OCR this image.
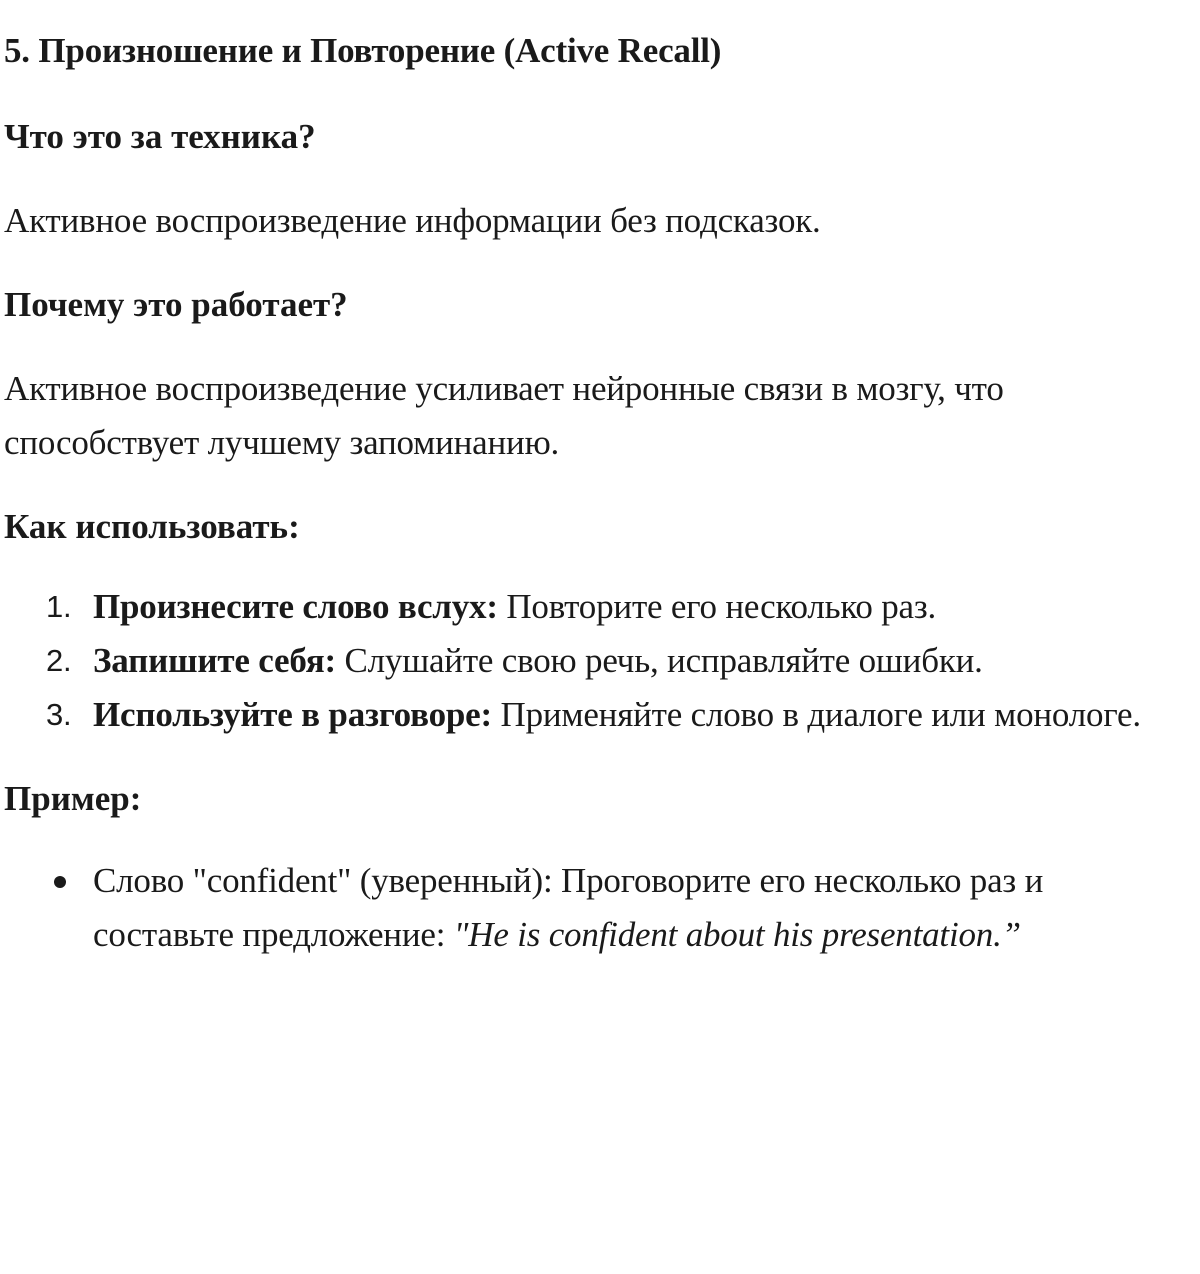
5. Произношение и Повторение (Active Recall)
Что это за техника?
Активное воспроизведение информации без подсказок.
Почему это работает?
Активное воспроизведение усиливает нейронные связи в мозгу, что способствует лучшему запоминанию.
Как использовать:
1. Произнесите слово вслух: Повторите его несколько раз.
2. Запишите себя: Слушайте свою речь, исправляйте ошибки.
3. Используйте в разговоре: Применяйте слово в диалоге или монологе.
Пример:
Слово "confident" (уверенный): Проговорите его несколько раз и составьте предложение: "He is confident about his presentation.”
